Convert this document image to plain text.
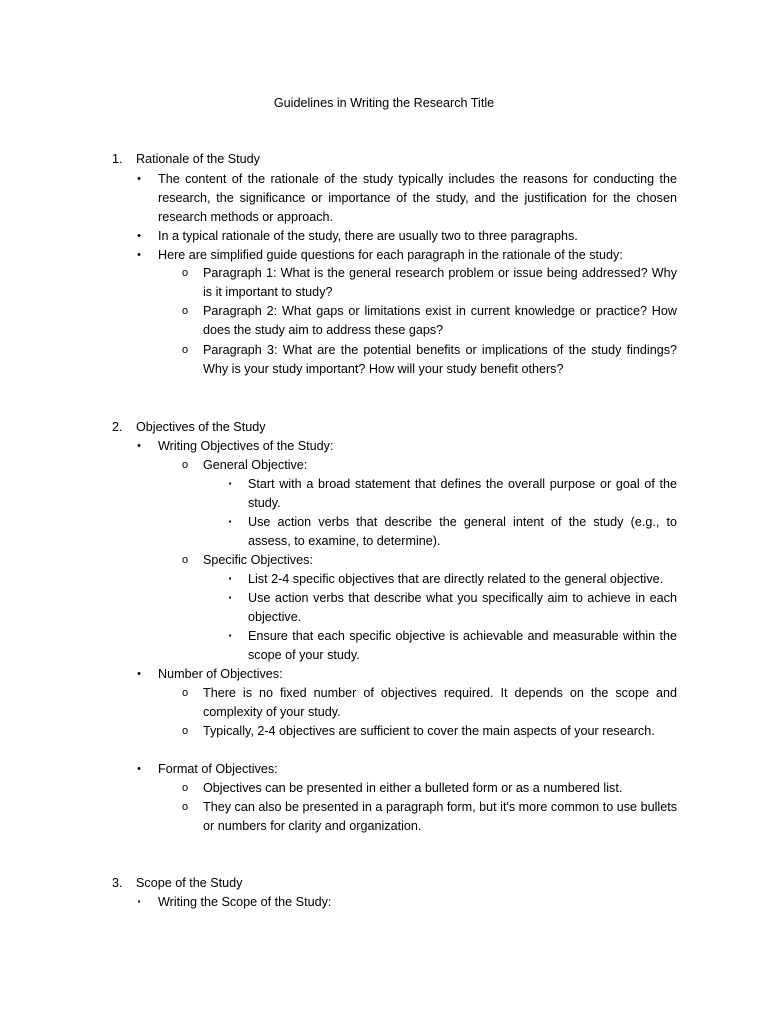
Guidelines in Writing the Research Title
1. Rationale of the Study
•	The content of the rationale of the study typically includes the reasons for conducting the research, the significance or importance of the study, and the justification for the chosen research methods or approach.
•	In a typical rationale of the study, there are usually two to three paragraphs.
•	Here are simplified guide questions for each paragraph in the rationale of the study:
o	Paragraph 1: What is the general research problem or issue being addressed? Why is it important to study?
o	Paragraph 2: What gaps or limitations exist in current knowledge or practice? How does the study aim to address these gaps?
o	Paragraph 3: What are the potential benefits or implications of the study findings? Why is your study important? How will your study benefit others?
2. Objectives of the Study
•	Writing Objectives of the Study:
o	General Objective:
▪	Start with a broad statement that defines the overall purpose or goal of the study.
▪	Use action verbs that describe the general intent of the study (e.g., to assess, to examine, to determine).
o	Specific Objectives:
▪	List 2-4 specific objectives that are directly related to the general objective.
▪	Use action verbs that describe what you specifically aim to achieve in each objective.
▪	Ensure that each specific objective is achievable and measurable within the scope of your study.
•	Number of Objectives:
o	There is no fixed number of objectives required. It depends on the scope and complexity of your study.
o	Typically, 2-4 objectives are sufficient to cover the main aspects of your research.
•	Format of Objectives:
o	Objectives can be presented in either a bulleted form or as a numbered list.
o	They can also be presented in a paragraph form, but it's more common to use bullets or numbers for clarity and organization.
3. Scope of the Study
▪	Writing the Scope of the Study:
